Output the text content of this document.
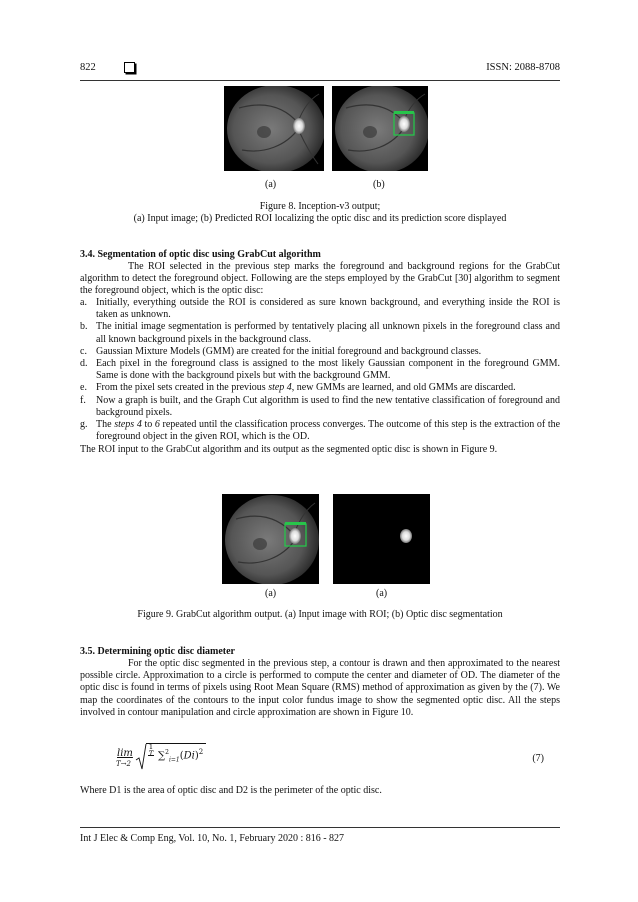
822	ISSN: 2088-8708
(a)	(b)
Figure 8. Inception-v3 output;
(a) Input image; (b) Predicted ROI localizing the optic disc and its prediction score displayed
3.4. Segmentation of optic disc using GrabCut algorithm
The ROI selected in the previous step marks the foreground and background regions for the GrabCut algorithm to detect the foreground object. Following are the steps employed by the GrabCut [30] algorithm to segment the foreground object, which is the optic disc:
a. Initially, everything outside the ROI is considered as sure known background, and everything inside the ROI is taken as unknown.
b. The initial image segmentation is performed by tentatively placing all unknown pixels in the foreground class and all known background pixels in the background class.
c. Gaussian Mixture Models (GMM) are created for the initial foreground and background classes.
d. Each pixel in the foreground class is assigned to the most likely Gaussian component in the foreground GMM. Same is done with the background pixels but with the background GMM.
e. From the pixel sets created in the previous step 4, new GMMs are learned, and old GMMs are discarded.
f. Now a graph is built, and the Graph Cut algorithm is used to find the new tentative classification of foreground and background pixels.
g. The steps 4 to 6 repeated until the classification process converges. The outcome of this step is the extraction of the foreground object in the given ROI, which is the OD.
The ROI input to the GrabCut algorithm and its output as the segmented optic disc is shown in Figure 9.
(a)	(a)
Figure 9. GrabCut algorithm output. (a) Input image with ROI; (b) Optic disc segmentation
3.5. Determining optic disc diameter
For the optic disc segmented in the previous step, a contour is drawn and then approximated to the nearest possible circle. Approximation to a circle is performed to compute the center and diameter of OD. The diameter of the optic disc is found in terms of pixels using Root Mean Square (RMS) method of approximation as given by the (7). We map the coordinates of the contours to the input color fundus image to show the segmented optic disc. All the steps involved in contour manipulation and circle approximation are shown in Figure 10.
lim
T→2
1

T $\sum^2_{i=1}(Di)^2$
(7)
Where D1 is the area of optic disc and D2 is the perimeter of the optic disc.
Int J Elec & Comp Eng, Vol. 10, No. 1, February 2020 : 816 - 827
